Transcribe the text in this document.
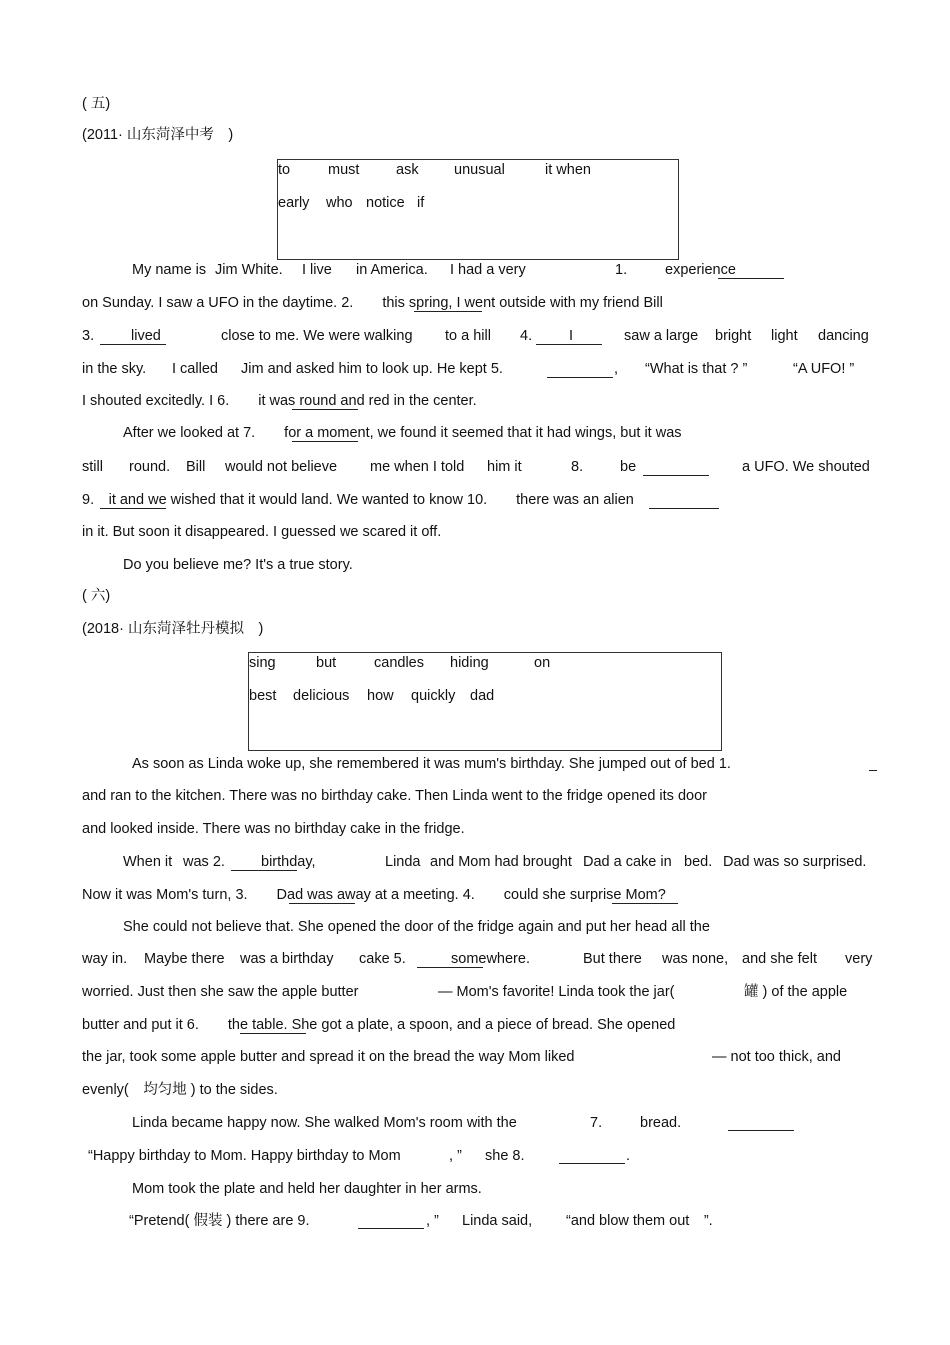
( 五)
(2011· 山东菏泽中考　)
to	must	ask unusual	it when
early who notice if
My name is Jim White. I live in America. I had a very	1.	experience
on Sunday. I saw a UFO in the daytime. 2.　　this spring, I went outside with my friend Bill
3.	lived	close to me. We were walking to a hill 4.	I	saw a large bright light dancing
in the sky. I called Jim and asked him to look up. He kept 5.	, “What is that ? ”	“A UFO! ”
I shouted excitedly. I 6.　　it was round and red in the center.
After we looked at 7.　　for a moment, we found it seemed that it had wings, but it was
still round. Bill would not believe me when I told him it	8.	be	a UFO. We shouted
9.　it and we wished that it would land. We wanted to know 10.　　there was an alien
in it. But soon it disappeared. I guessed we scared it off.
Do you believe me? It's a true story.
( 六)
(2018· 山东菏泽牡丹模拟　)
sing	but	candles hiding	on
best delicious how quickly dad
As soon as Linda woke up, she remembered it was mum's birthday. She jumped out of bed 1.
and ran to the kitchen. There was no birthday cake. Then Linda went to the fridge opened its door
and looked inside. There was no birthday cake in the fridge.
When it was 2. birthday,	Linda and Mom had brought Dad a cake in bed. Dad was so surprised.
Now it was Mom's turn, 3.　　Dad was away at a meeting. 4.　　could she surprise Mom?
She could not believe that. She opened the door of the fridge again and put her head all the
way in. Maybe there was a birthday cake 5.	somewhere.	But there was none, and she felt very
worried. Just then she saw the apple butter	— Mom's favorite! Linda took the jar(	罐 ) of the apple
butter and put it 6.　　the table. She got a plate, a spoon, and a piece of bread. She opened
the jar, took some apple butter and spread it on the bread the way Mom liked	— not too thick, and
evenly(　均匀地 ) to the sides.
Linda became happy now. She walked Mom's room with the	7.	bread.
“Happy birthday to Mom. Happy birthday to Mom	, ” she 8.	.
Mom took the plate and held her daughter in her arms.
“Pretend( 假装 ) there are 9.	, ” Linda said, “and blow them out　”.
